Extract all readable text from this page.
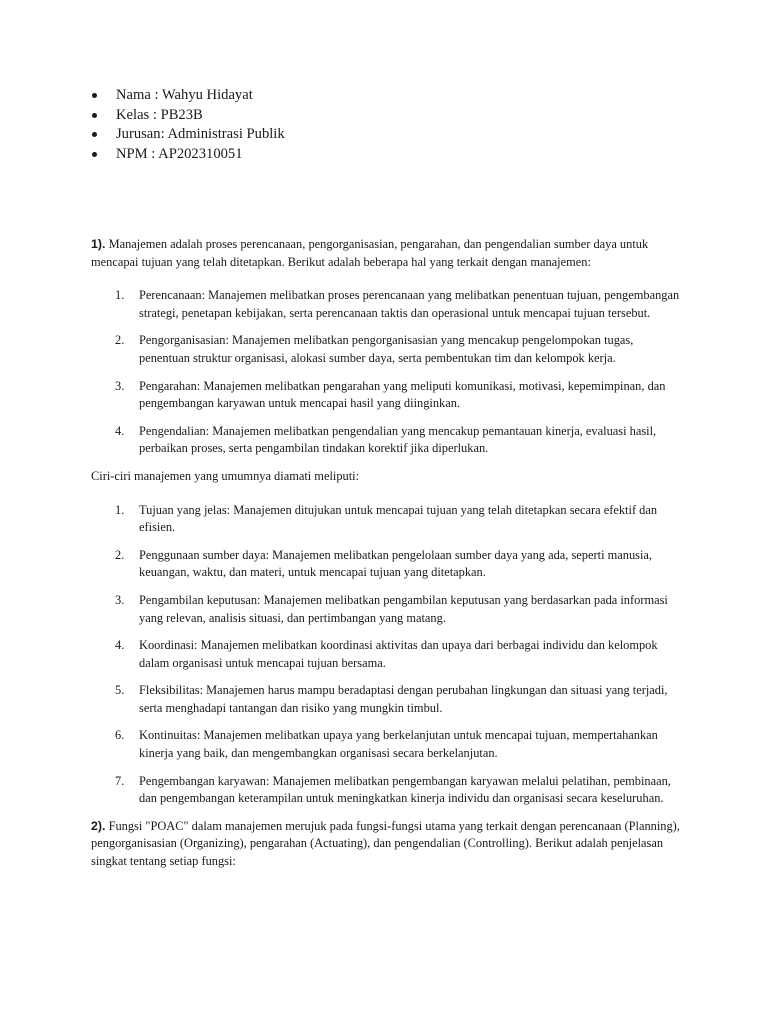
Nama : Wahyu Hidayat
Kelas : PB23B
Jurusan: Administrasi Publik
NPM : AP202310051

1). Manajemen adalah proses perencanaan, pengorganisasian, pengarahan, dan pengendalian sumber daya untuk mencapai tujuan yang telah ditetapkan. Berikut adalah beberapa hal yang terkait dengan manajemen:

1. Perencanaan: Manajemen melibatkan proses perencanaan yang melibatkan penentuan tujuan, pengembangan strategi, penetapan kebijakan, serta perencanaan taktis dan operasional untuk mencapai tujuan tersebut.
2. Pengorganisasian: Manajemen melibatkan pengorganisasian yang mencakup pengelompokan tugas, penentuan struktur organisasi, alokasi sumber daya, serta pembentukan tim dan kelompok kerja.
3. Pengarahan: Manajemen melibatkan pengarahan yang meliputi komunikasi, motivasi, kepemimpinan, dan pengembangan karyawan untuk mencapai hasil yang diinginkan.
4. Pengendalian: Manajemen melibatkan pengendalian yang mencakup pemantauan kinerja, evaluasi hasil, perbaikan proses, serta pengambilan tindakan korektif jika diperlukan.

Ciri-ciri manajemen yang umumnya diamati meliputi:

1. Tujuan yang jelas: Manajemen ditujukan untuk mencapai tujuan yang telah ditetapkan secara efektif dan efisien.
2. Penggunaan sumber daya: Manajemen melibatkan pengelolaan sumber daya yang ada, seperti manusia, keuangan, waktu, dan materi, untuk mencapai tujuan yang ditetapkan.
3. Pengambilan keputusan: Manajemen melibatkan pengambilan keputusan yang berdasarkan pada informasi yang relevan, analisis situasi, dan pertimbangan yang matang.
4. Koordinasi: Manajemen melibatkan koordinasi aktivitas dan upaya dari berbagai individu dan kelompok dalam organisasi untuk mencapai tujuan bersama.
5. Fleksibilitas: Manajemen harus mampu beradaptasi dengan perubahan lingkungan dan situasi yang terjadi, serta menghadapi tantangan dan risiko yang mungkin timbul.
6. Kontinuitas: Manajemen melibatkan upaya yang berkelanjutan untuk mencapai tujuan, mempertahankan kinerja yang baik, dan mengembangkan organisasi secara berkelanjutan.
7. Pengembangan karyawan: Manajemen melibatkan pengembangan karyawan melalui pelatihan, pembinaan, dan pengembangan keterampilan untuk meningkatkan kinerja individu dan organisasi secara keseluruhan.

2). Fungsi "POAC" dalam manajemen merujuk pada fungsi-fungsi utama yang terkait dengan perencanaan (Planning), pengorganisasian (Organizing), pengarahan (Actuating), dan pengendalian (Controlling). Berikut adalah penjelasan singkat tentang setiap fungsi:
